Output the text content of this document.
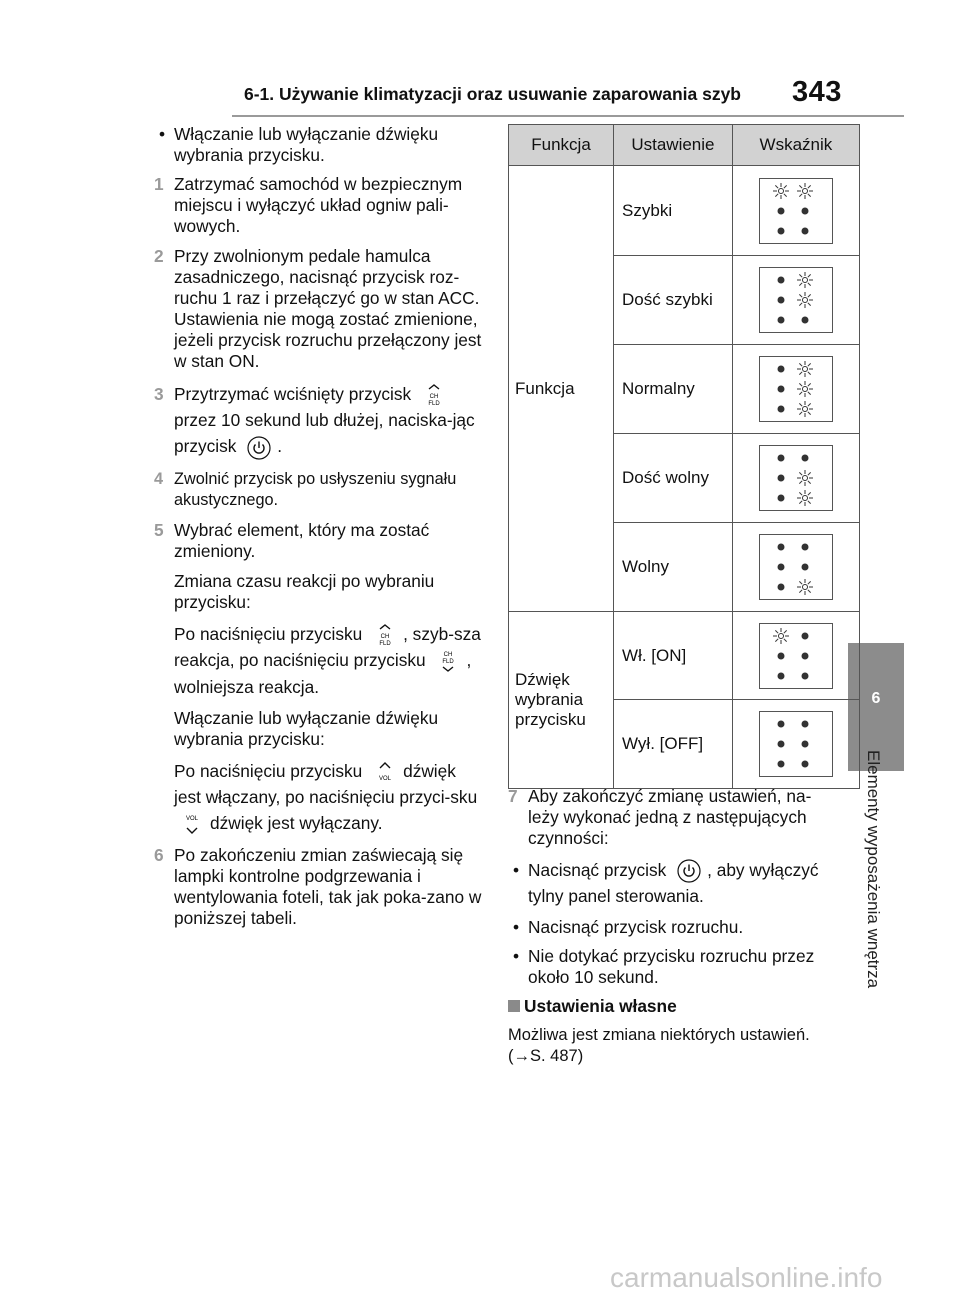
6-1. Używanie klimatyzacji oraz usuwanie zaparowania szyb 343
6
Elementy wyposażenia wnętrza
• Włączanie lub wyłączanie dźwięku wybrania przycisku.
1 Zatrzymać samochód w bezpiecznym miejscu i wyłączyć układ ogniw pali-wowych.
2 Przy zwolnionym pedale hamulca zasadniczego, nacisnąć przycisk roz-ruchu 1 raz i przełączyć go w stan ACC. Ustawienia nie mogą zostać zmienione, jeżeli przycisk rozruchu przełączony jest w stan ON.
3 Przytrzymać wciśnięty przycisk	CH
FLD
przez 10 sekund lub dłużej, naciska-jąc przycisk .
4 Zwolnić przycisk po usłyszeniu sygnału akustycznego.
5 Wybrać element, który ma zostać zmieniony.
Zmiana czasu reakcji po wybraniu przycisku:
Po naciśnięciu przycisku	CH
FLD
, szyb-sza reakcja, po naciśnięciu przycisku	CH
FLD , wolniejsza reakcja.
Włączanie lub wyłączanie dźwięku wybrania przycisku:
Po naciśnięciu przycisku	VOL dźwięk jest włączany, po naciśnięciu przyci-sku
VOL dźwięk jest wyłączany.
6 Po zakończeniu zmian zaświecają się lampki kontrolne podgrzewania i wentylowania foteli, tak jak poka-zano w poniższej tabeli.
Funkcja	Ustawienie	Wskaźnik
Funkcja	Szybki	

	Dość szybki	

	Normalny	

	Dość wolny	

	Wolny	

Dźwięk wybrania przycisku	Wł. [ON]	

	Wył. [OFF]	
7 Aby zakończyć zmianę ustawień, na-leży wykonać jedną z następujących czynności:
• Nacisnąć przycisk , aby wyłączyć tylny panel sterowania.
• Nacisnąć przycisk rozruchu.
• Nie dotykać przycisku rozruchu przez około 10 sekund.
Ustawienia własne
Możliwa jest zmiana niektórych ustawień. (→S. 487)
carmanualsonline.info
